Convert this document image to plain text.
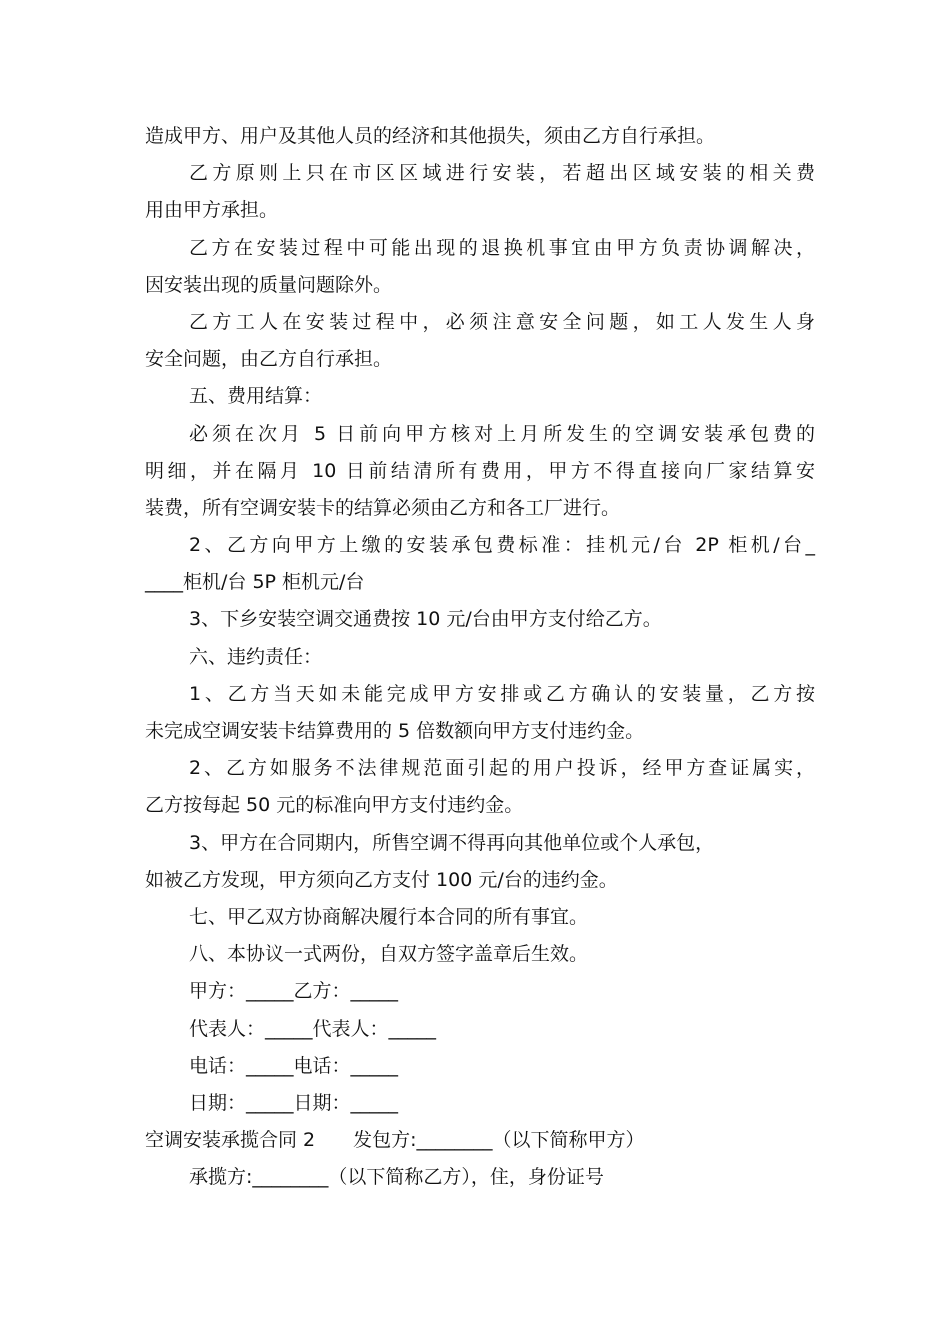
造成甲方、用户及其他人员的经济和其他损失，须由乙方自行承担。
乙方原则上只在市区区域进行安装，若超出区域安装的相关费
用由甲方承担。
乙方在安装过程中可能出现的退换机事宜由甲方负责协调解决，
因安装出现的质量问题除外。
乙方工人在安装过程中，必须注意安全问题，如工人发生人身
安全问题，由乙方自行承担。
五、费用结算：
必须在次月 5 日前向甲方核对上月所发生的空调安装承包费的
明细，并在隔月 10 日前结清所有费用，甲方不得直接向厂家结算安
装费，所有空调安装卡的结算必须由乙方和各工厂进行。
2、乙方向甲方上缴的安装承包费标准：挂机元/台 2P 柜机/台_
____柜机/台 5P 柜机元/台
3、下乡安装空调交通费按 10 元/台由甲方支付给乙方。
六、违约责任：
1、乙方当天如未能完成甲方安排或乙方确认的安装量，乙方按
未完成空调安装卡结算费用的 5 倍数额向甲方支付违约金。
2、乙方如服务不法律规范面引起的用户投诉，经甲方查证属实，
乙方按每起 50 元的标准向甲方支付违约金。
3、甲方在合同期内，所售空调不得再向其他单位或个人承包，
如被乙方发现，甲方须向乙方支付 100 元/台的违约金。
七、甲乙双方协商解决履行本合同的所有事宜。
八、本协议一式两份，自双方签字盖章后生效。
甲方：_____乙方：_____
代表人：_____代表人：_____
电话：_____电话：_____
日期：_____日期：_____
空调安装承揽合同 2　　发包方:________（以下简称甲方）
承揽方:________（以下简称乙方），住，身份证号
